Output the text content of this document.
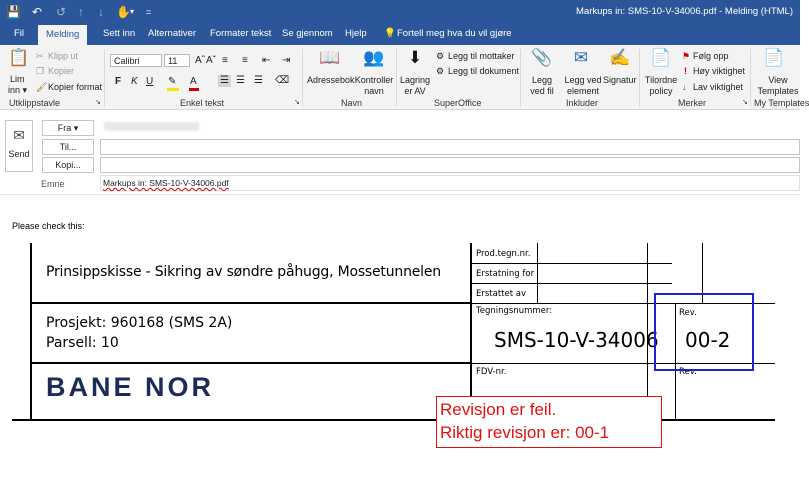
💾 ↶ ↺ ↑ ↓ ✋ ▾ =	Markups in: SMS-10-V-34006.pdf - Melding (HTML)
Fil	Melding	Sett inn Alternativer Formater tekst Se gjennom Hjelp 💡 Fortell meg hva du vil gjøre
📋
Lim
inn ▾
✂ Klipp ut
❐ Kopier
🖌 Kopier format
Utklippstavle	↘
Calibri	11	Aˆ Aˇ ≡ ≡ ⇤ ⇥
F K U ✎ A ☰ ☰ ☰ ⌫
Enkel tekst	↘
📖
Adressebok
👥
Kontroller navn
Navn
⬇
Lagring er AV
⚙ Legg til mottaker
⚙ Legg til dokument
SuperOffice
📎
Legg ved fil
✉
Legg ved element
✍
Signatur
Inkluder
📄
Tilordne policy
⚑ Følg opp
! Høy viktighet
↓ Lav viktighet
Merker	↘
📄
View Templates
My Templates
✉
Send
Fra ▾
Til...
Kopi...
Emne	Markups in: SMS-10-V-34006.pdf
Please check this:
Prinsippskisse - Sikring av søndre påhugg, Mossetunnelen
Prosjekt: 960168 (SMS 2A)
Parsell: 10
BANE NOR
Prod.tegn.nr.
Erstatning for
Erstattet av
Tegningsnummer:
SMS-10-V-34006
Rev.
00-2
FDV-nr.	Rev.
Revisjon er feil.
Riktig revisjon er: 00-1
